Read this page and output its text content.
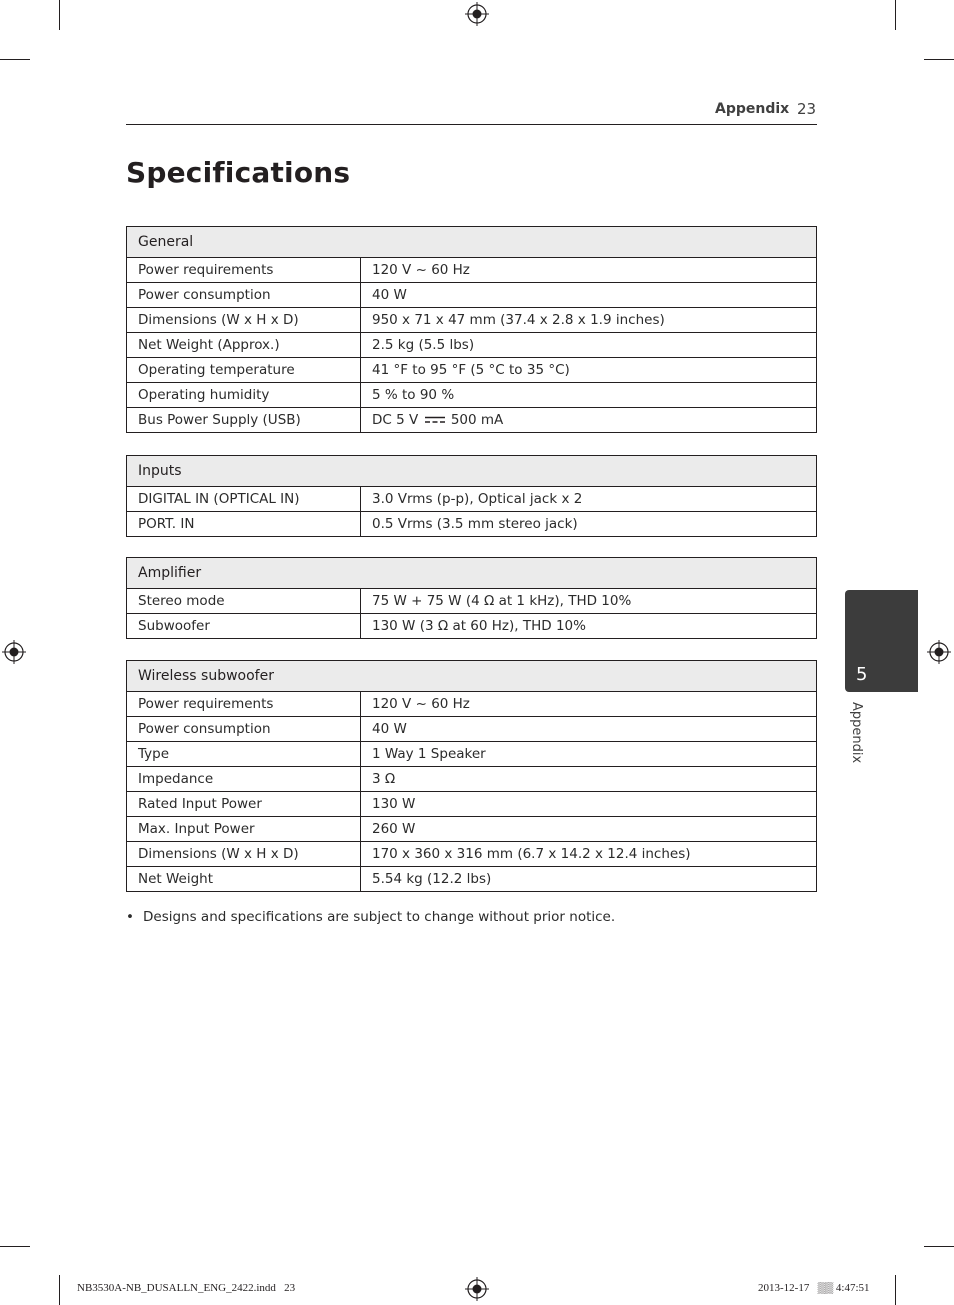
Appendix 23
Specifications
General	
Power requirements	120 V ~ 60 Hz
Power consumption	40 W
Dimensions (W x H x D)	950 x 71 x 47 mm (37.4 x 2.8 x 1.9 inches)
Net Weight (Approx.)	2.5 kg (5.5 lbs)
Operating temperature	41 °F to 95 °F (5 °C to 35 °C)
Operating humidity	5 % to 90 %
Bus Power Supply (USB)	DC 5 V 500 mA
Inputs	
DIGITAL IN (OPTICAL IN)	3.0 Vrms (p-p), Optical jack x 2
PORT. IN	0.5 Vrms (3.5 mm stereo jack)
Amplifier	
Stereo mode	75 W + 75 W (4 Ω at 1 kHz), THD 10%
Subwoofer	130 W (3 Ω at 60 Hz), THD 10%
Wireless subwoofer	
Power requirements	120 V ~ 60 Hz
Power consumption	40 W
Type	1 Way 1 Speaker
Impedance	3 Ω
Rated Input Power	130 W
Max. Input Power	260 W
Dimensions (W x H x D)	170 x 360 x 316 mm (6.7 x 14.2 x 12.4 inches)
Net Weight	5.54 kg (12.2 lbs)
• Designs and specifications are subject to change without prior notice.
5
Appendix
NB3530A-NB_DUSALLN_ENG_2422.indd   23	2013-12-17   ▒▒ 4:47:51
